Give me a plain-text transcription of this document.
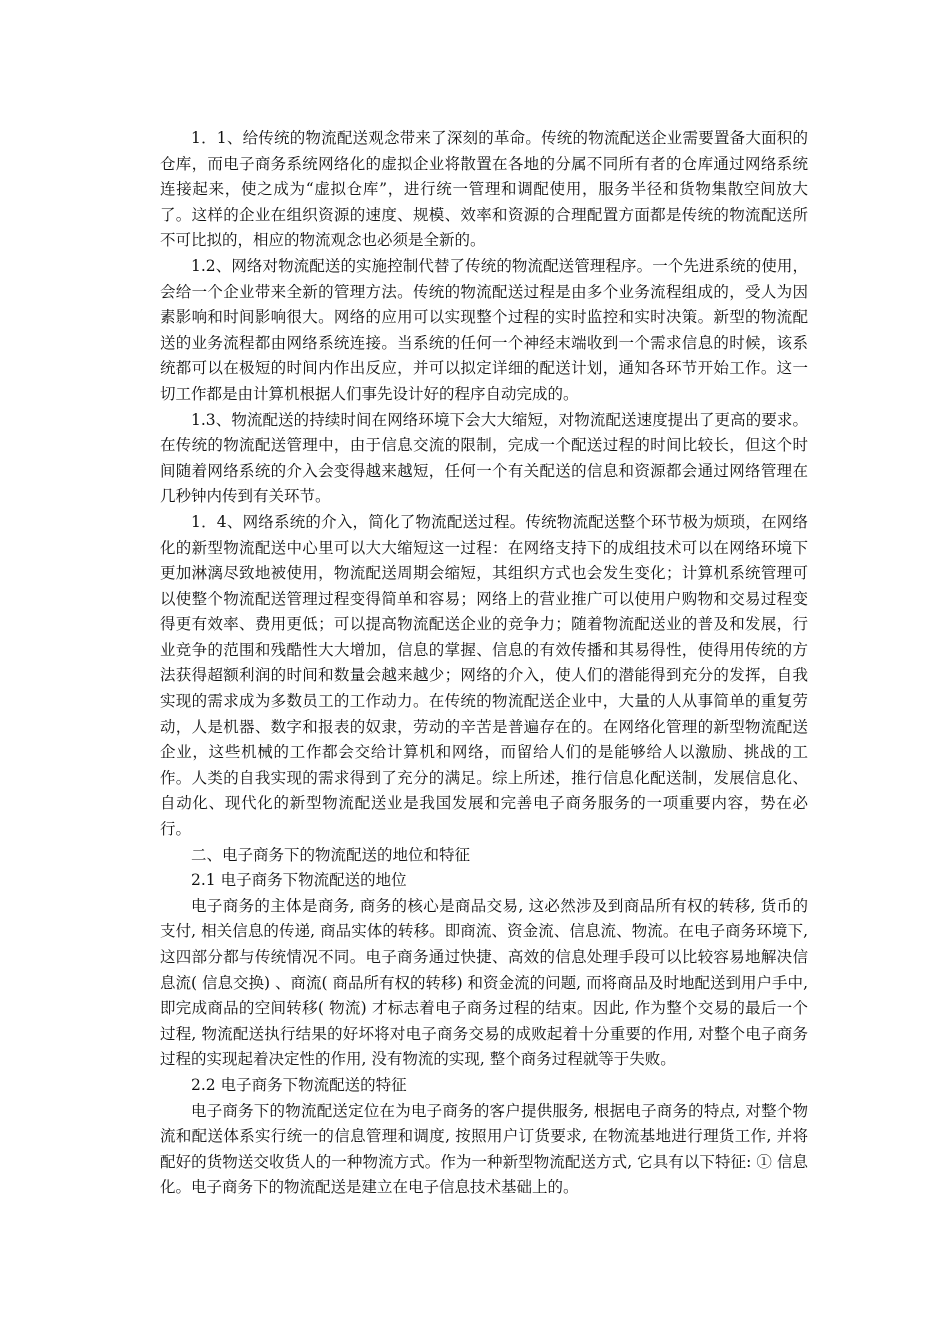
1．1、给传统的物流配送观念带来了深刻的革命。传统的物流配送企业需要置备大面积的仓库，而电子商务系统网络化的虚拟企业将散置在各地的分属不同所有者的仓库通过网络系统连接起来，使之成为“虚拟仓库”，进行统一管理和调配使用，服务半径和货物集散空间放大了。这样的企业在组织资源的速度、规模、效率和资源的合理配置方面都是传统的物流配送所不可比拟的，相应的物流观念也必须是全新的。

1.2、网络对物流配送的实施控制代替了传统的物流配送管理程序。一个先进系统的使用，会给一个企业带来全新的管理方法。传统的物流配送过程是由多个业务流程组成的，受人为因素影响和时间影响很大。网络的应用可以实现整个过程的实时监控和实时决策。新型的物流配送的业务流程都由网络系统连接。当系统的任何一个神经末端收到一个需求信息的时候，该系统都可以在极短的时间内作出反应，并可以拟定详细的配送计划，通知各环节开始工作。这一切工作都是由计算机根据人们事先设计好的程序自动完成的。

1.3、物流配送的持续时间在网络环境下会大大缩短，对物流配送速度提出了更高的要求。在传统的物流配送管理中，由于信息交流的限制，完成一个配送过程的时间比较长，但这个时间随着网络系统的介入会变得越来越短，任何一个有关配送的信息和资源都会通过网络管理在几秒钟内传到有关环节。

1．4、网络系统的介入，简化了物流配送过程。传统物流配送整个环节极为烦琐，在网络化的新型物流配送中心里可以大大缩短这一过程：在网络支持下的成组技术可以在网络环境下更加淋漓尽致地被使用，物流配送周期会缩短，其组织方式也会发生变化；计算机系统管理可以使整个物流配送管理过程变得简单和容易；网络上的营业推广可以使用户购物和交易过程变得更有效率、费用更低；可以提高物流配送企业的竞争力；随着物流配送业的普及和发展，行业竞争的范围和残酷性大大增加，信息的掌握、信息的有效传播和其易得性，使得用传统的方法获得超额利润的时间和数量会越来越少；网络的介入，使人们的潜能得到充分的发挥，自我实现的需求成为多数员工的工作动力。在传统的物流配送企业中，大量的人从事简单的重复劳动，人是机器、数字和报表的奴隶，劳动的辛苦是普遍存在的。在网络化管理的新型物流配送企业，这些机械的工作都会交给计算机和网络，而留给人们的是能够给人以激励、挑战的工作。人类的自我实现的需求得到了充分的满足。综上所述，推行信息化配送制，发展信息化、自动化、现代化的新型物流配送业是我国发展和完善电子商务服务的一项重要内容，势在必行。

二、电子商务下的物流配送的地位和特征

2.1 电子商务下物流配送的地位

电子商务的主体是商务, 商务的核心是商品交易, 这必然涉及到商品所有权的转移, 货币的支付, 相关信息的传递, 商品实体的转移。即商流、资金流、信息流、物流。在电子商务环境下, 这四部分都与传统情况不同。电子商务通过快捷、高效的信息处理手段可以比较容易地解决信息流( 信息交换) 、商流( 商品所有权的转移) 和资金流的问题, 而将商品及时地配送到用户手中, 即完成商品的空间转移( 物流) 才标志着电子商务过程的结束。因此, 作为整个交易的最后一个过程, 物流配送执行结果的好坏将对电子商务交易的成败起着十分重要的作用, 对整个电子商务过程的实现起着决定性的作用, 没有物流的实现, 整个商务过程就等于失败。

2.2 电子商务下物流配送的特征

电子商务下的物流配送定位在为电子商务的客户提供服务, 根据电子商务的特点, 对整个物流和配送体系实行统一的信息管理和调度, 按照用户订货要求, 在物流基地进行理货工作, 并将配好的货物送交收货人的一种物流方式。作为一种新型物流配送方式, 它具有以下特征: ① 信息化。电子商务下的物流配送是建立在电子信息技术基础上的。
